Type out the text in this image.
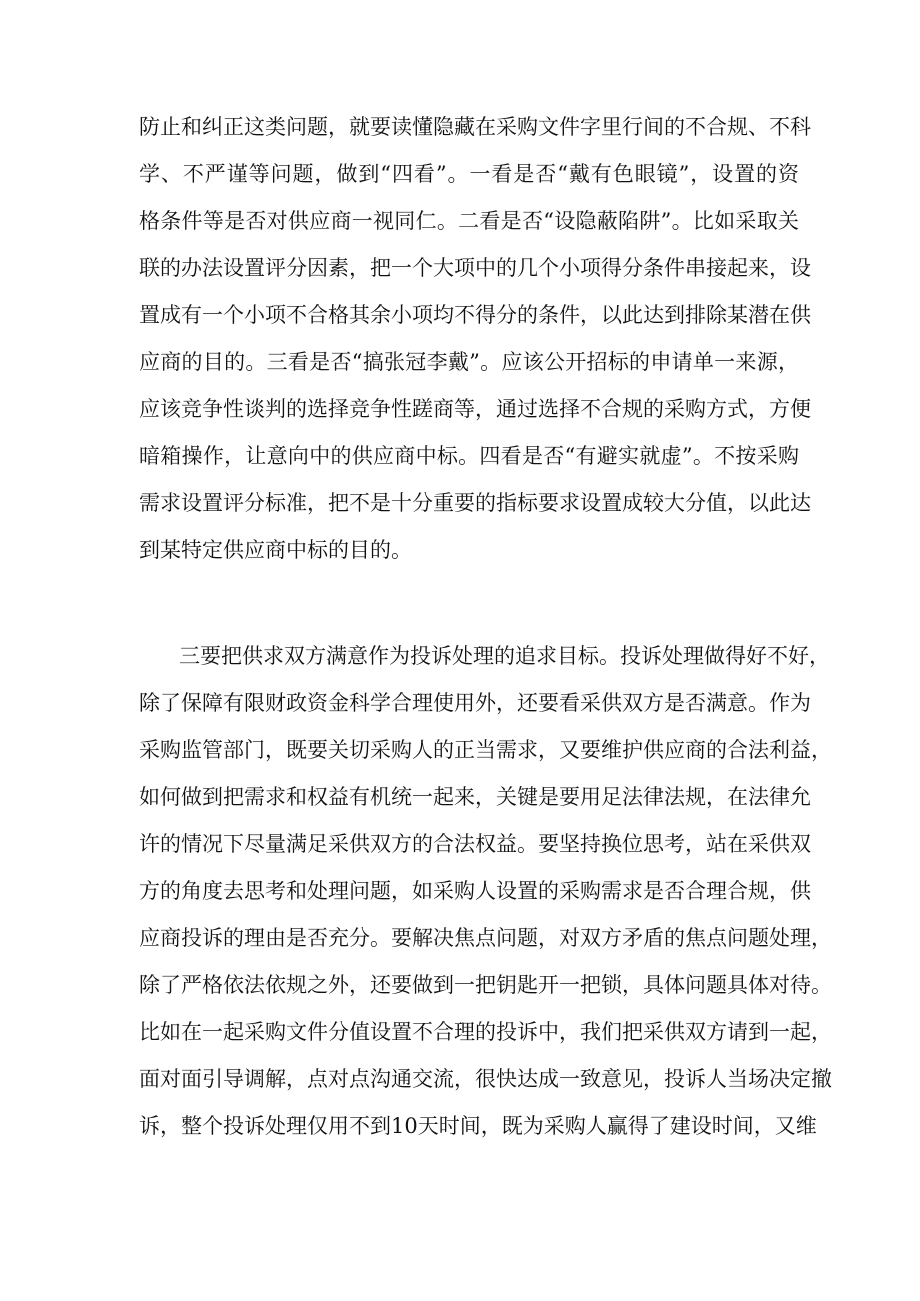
防止和纠正这类问题，就要读懂隐藏在采购文件字里行间的不合规、不科
学、不严谨等问题，做到“四看”。一看是否“戴有色眼镜”，设置的资
格条件等是否对供应商一视同仁。二看是否“设隐蔽陷阱”。比如采取关
联的办法设置评分因素，把一个大项中的几个小项得分条件串接起来，设
置成有一个小项不合格其余小项均不得分的条件，以此达到排除某潜在供
应商的目的。三看是否“搞张冠李戴”。应该公开招标的申请单一来源，
应该竞争性谈判的选择竞争性蹉商等，通过选择不合规的采购方式，方便
暗箱操作，让意向中的供应商中标。四看是否“有避实就虚”。不按采购
需求设置评分标准，把不是十分重要的指标要求设置成较大分值，以此达
到某特定供应商中标的目的。
三要把供求双方满意作为投诉处理的追求目标。投诉处理做得好不好，
除了保障有限财政资金科学合理使用外，还要看采供双方是否满意。作为
采购监管部门，既要关切采购人的正当需求，又要维护供应商的合法利益，
如何做到把需求和权益有机统一起来，关键是要用足法律法规，在法律允
许的情况下尽量满足采供双方的合法权益。要坚持换位思考，站在采供双
方的角度去思考和处理问题，如采购人设置的采购需求是否合理合规，供
应商投诉的理由是否充分。要解决焦点问题，对双方矛盾的焦点问题处理，
除了严格依法依规之外，还要做到一把钥匙开一把锁，具体问题具体对待。
比如在一起采购文件分值设置不合理的投诉中，我们把采供双方请到一起，
面对面引导调解，点对点沟通交流，很快达成一致意见，投诉人当场决定撤
诉，整个投诉处理仅用不到10天时间，既为采购人赢得了建设时间，又维
